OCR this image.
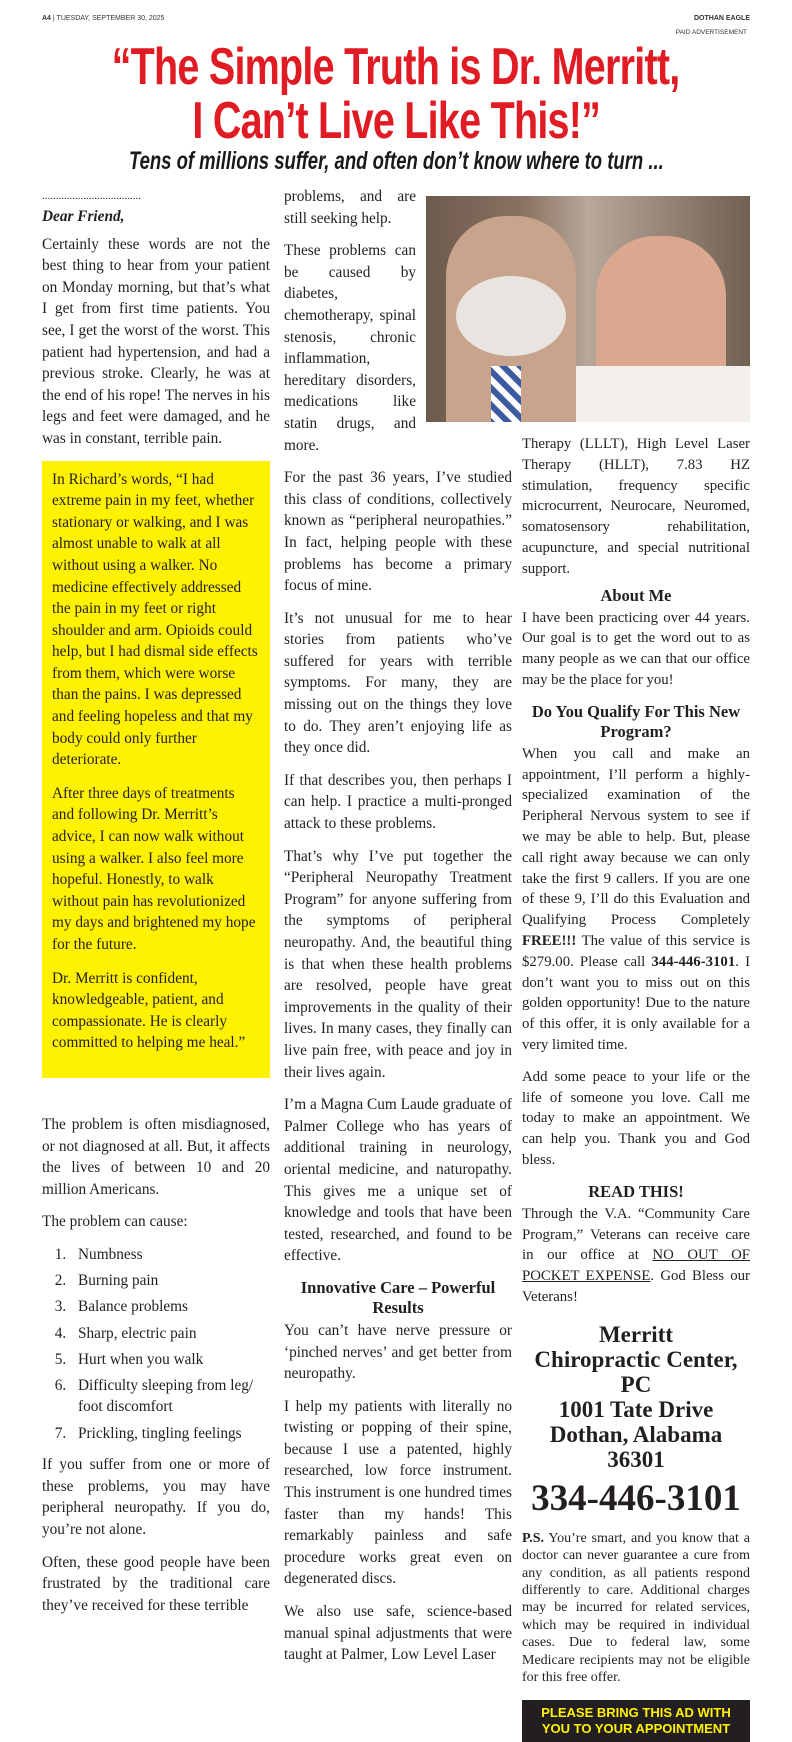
A4 | TUESDAY, SEPTEMBER 30, 2025	DOTHAN EAGLE
PAID ADVERTISEMENT
“The Simple Truth is Dr. Merritt,
I Can’t Live Like This!”
Tens of millions suffer, and often don’t know where to turn ...
....................................
Dear Friend,

Certainly these words are not the best thing to hear from your patient on Monday morning, but that’s what I get from first time patients. You see, I get the worst of the worst. This patient had hypertension, and had a previous stroke. Clearly, he was at the end of his rope! The nerves in his legs and feet were damaged, and he was in constant, terrible pain.

In Richard’s words, “I had extreme pain in my feet, whether stationary or walking, and I was almost unable to walk at all without using a walker. No medicine effectively addressed the pain in my feet or right shoulder and arm. Opioids could help, but I had dismal side effects from them, which were worse than the pains. I was depressed and feeling hopeless and that my body could only further deteriorate.

After three days of treatments and following Dr. Merritt’s advice, I can now walk without using a walker. I also feel more hopeful. Honestly, to walk without pain has revolutionized my days and brightened my hope for the future.

Dr. Merritt is confident, knowledgeable, patient, and compassionate. He is clearly committed to helping me heal.”

The problem is often misdiagnosed, or not diagnosed at all. But, it affects the lives of between 10 and 20 million Americans.

The problem can cause:

1. Numbness
2. Burning pain
3. Balance problems
4. Sharp, electric pain
5. Hurt when you walk
6. Difficulty sleeping from leg/ foot discomfort
7. Prickling, tingling feelings

If you suffer from one or more of these problems, you may have peripheral neuropathy. If you do, you’re not alone.

Often, these good people have been frustrated by the traditional care they’ve received for these terrible

problems, and are still seeking help.

These problems can be caused by diabetes, chemotherapy, spinal stenosis, chronic inflammation, hereditary disorders, medications like statin drugs, and more.

For the past 36 years, I’ve studied this class of conditions, collectively known as “peripheral neuropathies.” In fact, helping people with these problems has become a primary focus of mine.

It’s not unusual for me to hear stories from patients who’ve suffered for years with terrible symptoms. For many, they are missing out on the things they love to do. They aren’t enjoying life as they once did.

If that describes you, then perhaps I can help. I practice a multi-pronged attack to these problems.

That’s why I’ve put together the “Peripheral Neuropathy Treatment Program” for anyone suffering from the symptoms of peripheral neuropathy. And, the beautiful thing is that when these health problems are resolved, people have great improvements in the quality of their lives. In many cases, they finally can live pain free, with peace and joy in their lives again.

I’m a Magna Cum Laude graduate of Palmer College who has years of additional training in neurology, oriental medicine, and naturopathy. This gives me a unique set of knowledge and tools that have been tested, researched, and found to be effective.

Innovative Care – Powerful Results

You can’t have nerve pressure or ‘pinched nerves’ and get better from neuropathy.

I help my patients with literally no twisting or popping of their spine, because I use a patented, highly researched, low force instrument. This instrument is one hundred times faster than my hands! This remarkably painless and safe procedure works great even on degenerated discs.

We also use safe, science-based manual spinal adjustments that were taught at Palmer, Low Level Laser

Therapy (LLLT), High Level Laser Therapy (HLLT), 7.83 HZ stimulation, frequency specific microcurrent, Neurocare, Neuromed, somatosensory rehabilitation, acupuncture, and special nutritional support.

About Me

I have been practicing over 44 years. Our goal is to get the word out to as many people as we can that our office may be the place for you!

Do You Qualify For This New Program?

When you call and make an appointment, I’ll perform a highly-specialized examination of the Peripheral Nervous system to see if we may be able to help. But, please call right away because we can only take the first 9 callers. If you are one of these 9, I’ll do this Evaluation and Qualifying Process Completely FREE!!! The value of this service is $279.00. Please call 344-446-3101. I don’t want you to miss out on this golden opportunity! Due to the nature of this offer, it is only available for a very limited time.

Add some peace to your life or the life of someone you love. Call me today to make an appointment. We can help you. Thank you and God bless.

READ THIS!

Through the V.A. “Community Care Program,” Veterans can receive care in our office at NO OUT OF POCKET EXPENSE. God Bless our Veterans!

Merritt
Chiropractic Center, PC
1001 Tate Drive
Dothan, Alabama 36301
334-446-3101

P.S. You’re smart, and you know that a doctor can never guarantee a cure from any condition, as all patients respond differently to care. Additional charges may be incurred for related services, which may be required in individual cases. Due to federal law, some Medicare recipients may not be eligible for this free offer.

PLEASE BRING THIS AD WITH
YOU TO YOUR APPOINTMENT
